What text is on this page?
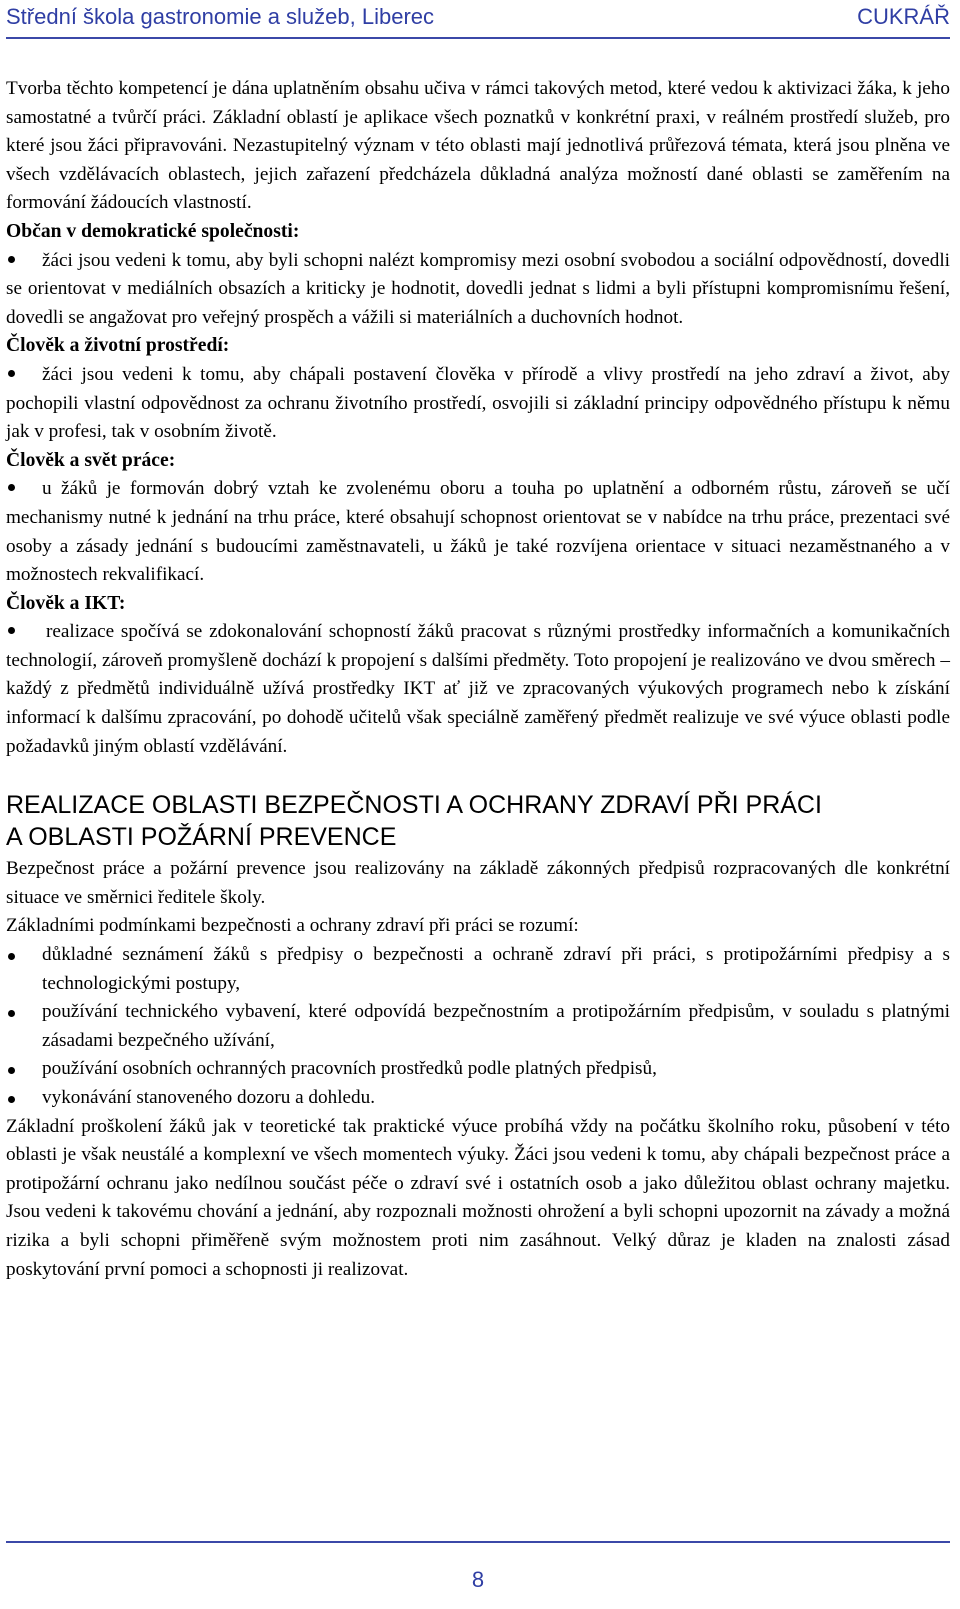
Střední škola gastronomie a služeb, Liberec	CUKRÁŘ

Tvorba těchto kompetencí je dána uplatněním obsahu učiva v rámci takových metod, které vedou k aktivizaci žáka, k jeho samostatné a tvůrčí práci. Základní oblastí je aplikace všech poznatků v konkrétní praxi, v reálném prostředí služeb, pro které jsou žáci připravováni. Nezastupitelný význam v této oblasti mají jednotlivá průřezová témata, která jsou plněna ve všech vzdělávacích oblastech, jejich zařazení předcházela důkladná analýza možností dané oblasti se zaměřením na formování žádoucích vlastností.

Občan v demokratické společnosti:
žáci jsou vedeni k tomu, aby byli schopni nalézt kompromisy mezi osobní svobodou a sociální odpovědností, dovedli se orientovat v mediálních obsazích a kriticky je hodnotit, dovedli jednat s lidmi a byli přístupni kompromisnímu řešení, dovedli se angažovat pro veřejný prospěch a vážili si materiálních a duchovních hodnot.
Člověk a životní prostředí:
žáci jsou vedeni k tomu, aby chápali postavení člověka v přírodě a vlivy prostředí na jeho zdraví a život, aby pochopili vlastní odpovědnost za ochranu životního prostředí, osvojili si základní principy odpovědného přístupu k němu jak v profesi, tak v osobním životě.
Člověk a svět práce:
u žáků je formován dobrý vztah ke zvolenému oboru a touha po uplatnění a odborném růstu, zároveň se učí mechanismy nutné k jednání na trhu práce, které obsahují schopnost orientovat se v nabídce na trhu práce, prezentaci své osoby a zásady jednání s budoucími zaměstnavateli, u žáků je také rozvíjena orientace v situaci nezaměstnaného a v možnostech rekvalifikací.
Člověk a IKT:
realizace spočívá se zdokonalování schopností žáků pracovat s různými prostředky informačních a komunikačních technologií, zároveň promyšleně dochází k propojení s dalšími předměty. Toto propojení je realizováno ve dvou směrech – každý z předmětů individuálně užívá prostředky IKT ať již ve zpracovaných výukových programech nebo k získání informací k dalšímu zpracování, po dohodě učitelů však speciálně zaměřený předmět realizuje ve své výuce oblasti podle požadavků jiným oblastí vzdělávání.
REALIZACE OBLASTI BEZPEČNOSTI A OCHRANY ZDRAVÍ PŘI PRÁCI
A OBLASTI POŽÁRNÍ PREVENCE

Bezpečnost práce a požární prevence jsou realizovány na základě zákonných předpisů rozpracovaných dle konkrétní situace ve směrnici ředitele školy.

Základními podmínkami bezpečnosti a ochrany zdraví při práci se rozumí:

důkladné seznámení žáků s předpisy o bezpečnosti a ochraně zdraví při práci, s protipožárními předpisy a s technologickými postupy,
používání technického vybavení, které odpovídá bezpečnostním a protipožárním předpisům, v souladu s platnými zásadami bezpečného užívání,
používání osobních ochranných pracovních prostředků podle platných předpisů,
vykonávání stanoveného dozoru a dohledu.

Základní proškolení žáků jak v teoretické tak praktické výuce probíhá vždy na počátku školního roku, působení v této oblasti je však neustálé a komplexní ve všech momentech výuky. Žáci jsou vedeni k tomu, aby chápali bezpečnost práce a protipožární ochranu jako nedílnou součást péče o zdraví své i ostatních osob a jako důležitou oblast ochrany majetku. Jsou vedeni k takovému chování a jednání, aby rozpoznali možnosti ohrožení a byli schopni upozornit na závady a možná rizika a byli schopni přiměřeně svým možnostem proti nim zasáhnout. Velký důraz je kladen na znalosti zásad poskytování první pomoci a schopnosti ji realizovat.

8
